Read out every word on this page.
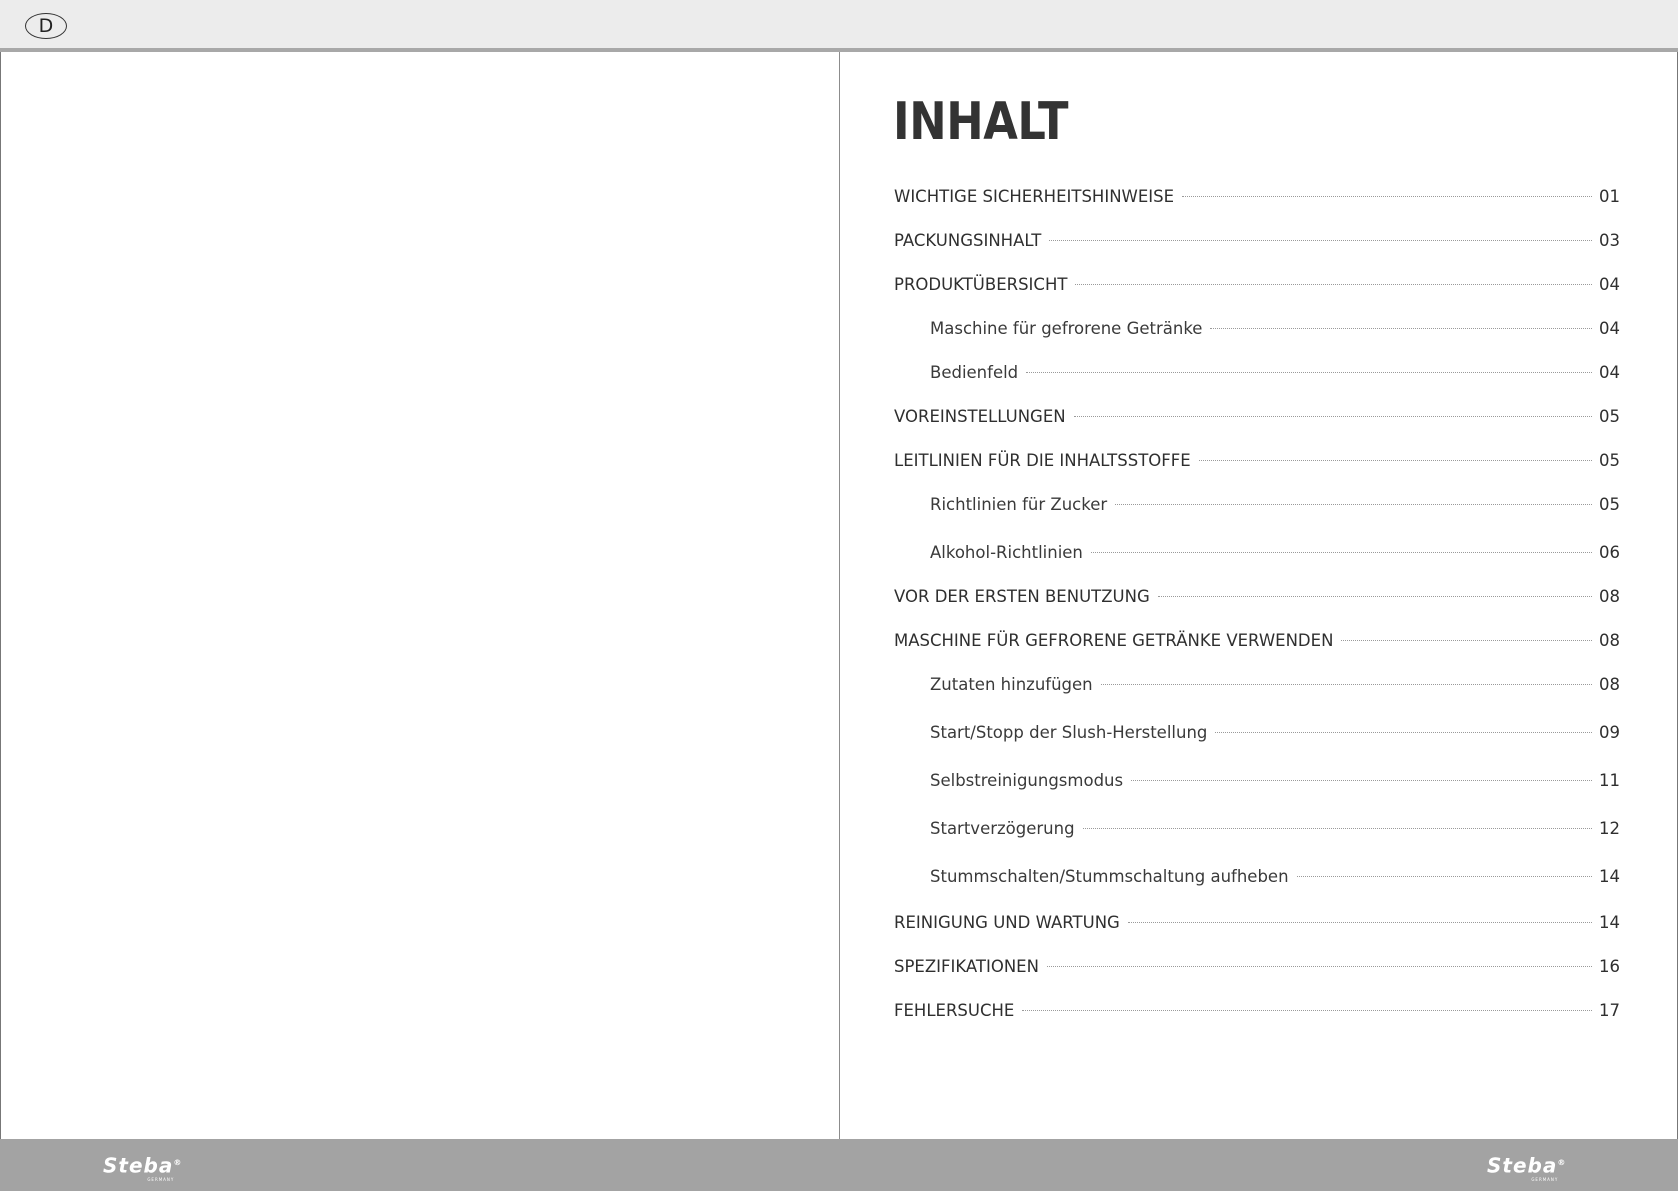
D
INHALT
WICHTIGE SICHERHEITSHINWEISE	01
PACKUNGSINHALT	03
PRODUKTÜBERSICHT	04
Maschine für gefrorene Getränke	04
Bedienfeld	04
VOREINSTELLUNGEN	05
LEITLINIEN FÜR DIE INHALTSSTOFFE	05
Richtlinien für Zucker	05
Alkohol-Richtlinien	06
VOR DER ERSTEN BENUTZUNG	08
MASCHINE FÜR GEFRORENE GETRÄNKE VERWENDEN	08
Zutaten hinzufügen	08
Start/Stopp der Slush-Herstellung	09
Selbstreinigungsmodus	11
Startverzögerung	12
Stummschalten/Stummschaltung aufheben	14
REINIGUNG UND WARTUNG	14
SPEZIFIKATIONEN	16
FEHLERSUCHE	17
Steba®
GERMANY
Steba®
GERMANY
